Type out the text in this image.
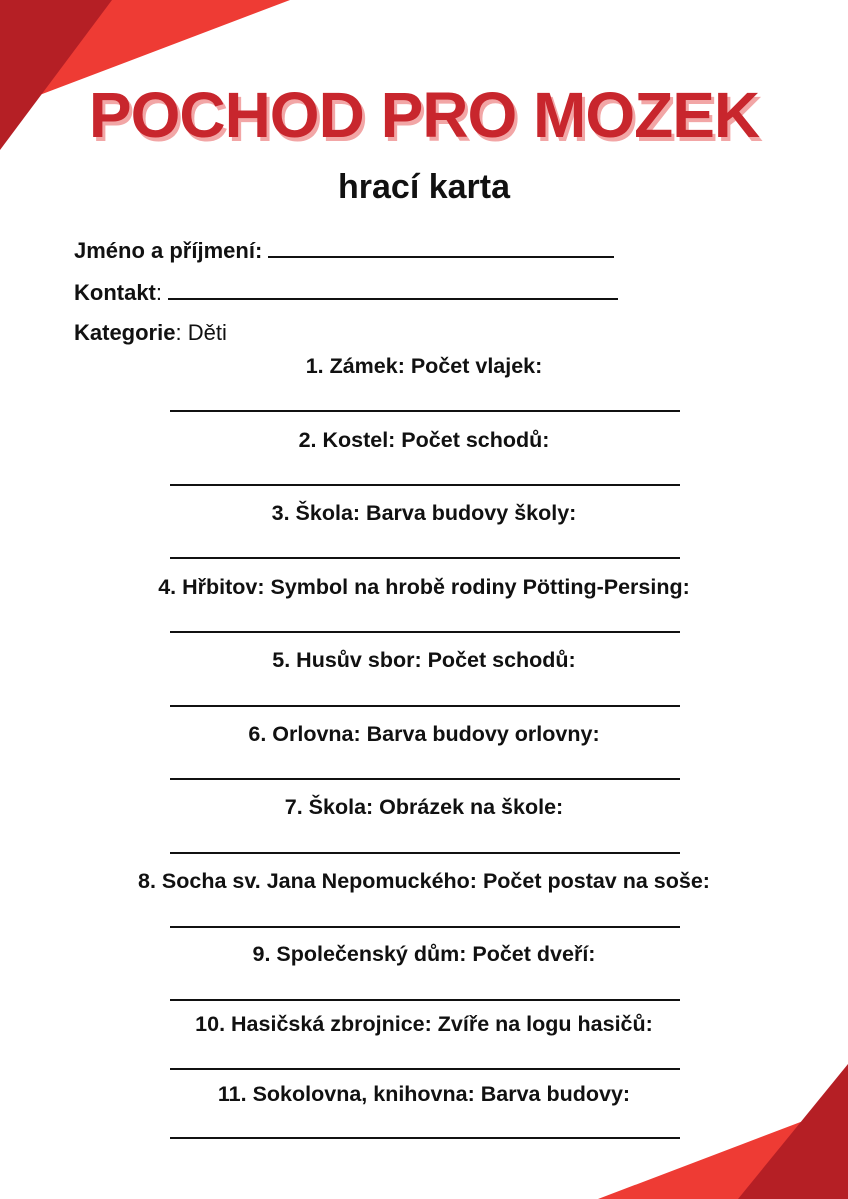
POCHOD PRO MOZEK
hrací karta
Jméno a příjmení:
Kontakt:
Kategorie: Děti
1. Zámek: Počet vlajek:
2. Kostel: Počet schodů:
3. Škola: Barva budovy školy:
4. Hřbitov: Symbol na hrobě rodiny Pötting-Persing:
5. Husův sbor: Počet schodů:
6. Orlovna: Barva budovy orlovny:
7. Škola: Obrázek na škole:
8. Socha sv. Jana Nepomuckého: Počet postav na soše:
9. Společenský dům: Počet dveří:
10. Hasičská zbrojnice: Zvíře na logu hasičů:
11. Sokolovna, knihovna: Barva budovy:
